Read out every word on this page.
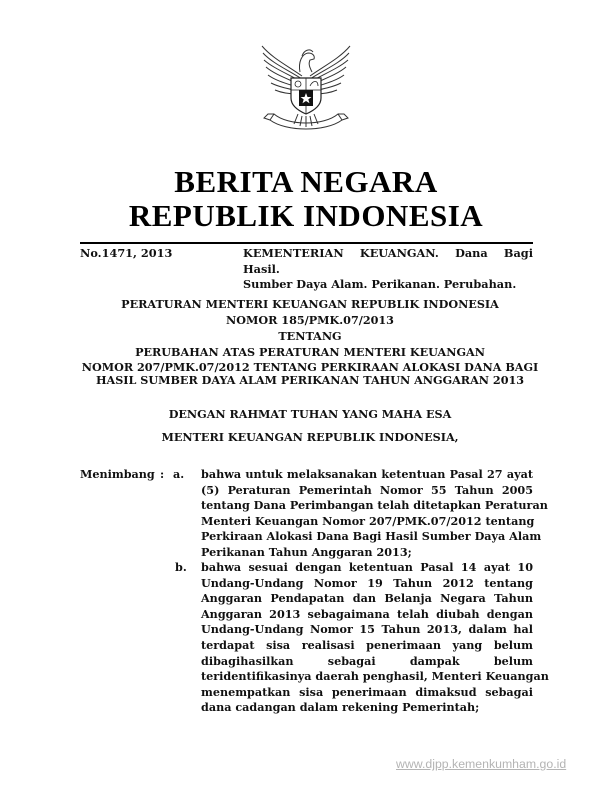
BERITA NEGARA
REPUBLIK INDONESIA
No.1471, 2013	KEMENTERIAN KEUANGAN. Dana Bagi Hasil.
Sumber Daya Alam. Perikanan. Perubahan.
PERATURAN MENTERI KEUANGAN REPUBLIK INDONESIA
NOMOR 185/PMK.07/2013
TENTANG
PERUBAHAN ATAS PERATURAN MENTERI KEUANGAN
NOMOR 207/PMK.07/2012 TENTANG PERKIRAAN ALOKASI DANA BAGI
HASIL SUMBER DAYA ALAM PERIKANAN TAHUN ANGGARAN 2013
DENGAN RAHMAT TUHAN YANG MAHA ESA
MENTERI KEUANGAN REPUBLIK INDONESIA,
Menimbang : a. bahwa untuk melaksanakan ketentuan Pasal 27 ayat
(5) Peraturan Pemerintah Nomor 55 Tahun 2005
tentang Dana Perimbangan telah ditetapkan Peraturan
Menteri Keuangan Nomor 207/PMK.07/2012 tentang
Perkiraan Alokasi Dana Bagi Hasil Sumber Daya Alam
Perikanan Tahun Anggaran 2013;
b. bahwa sesuai dengan ketentuan Pasal 14 ayat 10
Undang-Undang Nomor 19 Tahun 2012 tentang
Anggaran Pendapatan dan Belanja Negara Tahun
Anggaran 2013 sebagaimana telah diubah dengan
Undang-Undang Nomor 15 Tahun 2013, dalam hal
terdapat sisa realisasi penerimaan yang belum
dibagihasilkan sebagai dampak belum
teridentifikasinya daerah penghasil, Menteri Keuangan
menempatkan sisa penerimaan dimaksud sebagai
dana cadangan dalam rekening Pemerintah;
www.djpp.kemenkumham.go.id
